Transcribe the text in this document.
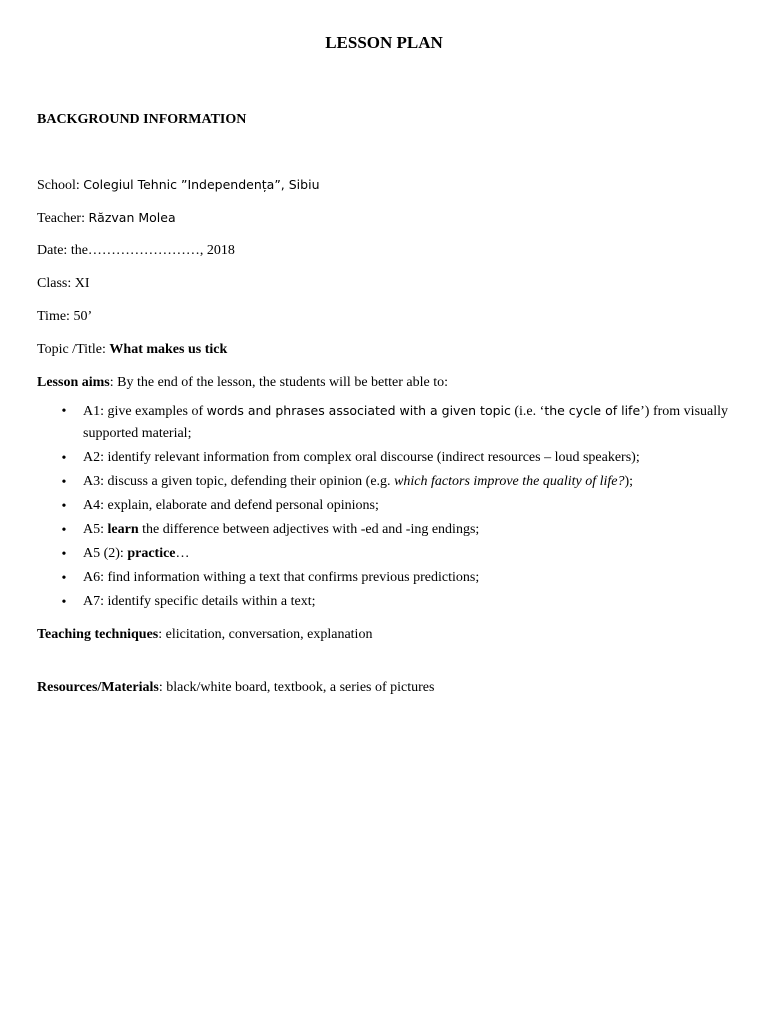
LESSON PLAN
BACKGROUND INFORMATION
School: Colegiul Tehnic ”Independența”, Sibiu
Teacher: Răzvan Molea
Date: the……………………, 2018
Class: XI
Time: 50’
Topic /Title: What makes us tick
Lesson aims: By the end of the lesson, the students will be better able to:
• A1: give examples of words and phrases associated with a given topic (i.e. ‘the cycle of life’) from visually
supported material;
• A2: identify relevant information from complex oral discourse (indirect resources – loud speakers);
• A3: discuss a given topic, defending their opinion (e.g. which factors improve the quality of life?);
• A4: explain, elaborate and defend personal opinions;
• A5: learn the difference between adjectives with -ed and -ing endings;
• A5 (2): practice…
• A6: find information withing a text that confirms previous predictions;
• A7: identify specific details within a text;
Teaching techniques: elicitation, conversation, explanation
Resources/Materials: black/white board, textbook, a series of pictures
